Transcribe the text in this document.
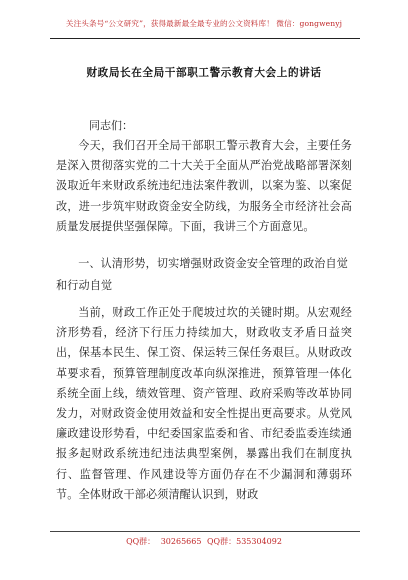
关注头条号“公文研究”，获得最新最全最专业的公文资料库！ 微信：gongwenyj
财政局长在全局干部职工警示教育大会上的讲话
同志们：

今天，我们召开全局干部职工警示教育大会，主要任务是深入贯彻落实党的二十大关于全面从严治党战略部署深刻汲取近年来财政系统违纪违法案件教训，以案为鉴、以案促改，进一步筑牢财政资金安全防线，为服务全市经济社会高质量发展提供坚强保障。下面，我讲三个方面意见。

一、认清形势，切实增强财政资金安全管理的政治自觉和行动自觉

当前，财政工作正处于爬坡过坎的关键时期。从宏观经济形势看，经济下行压力持续加大，财政收支矛盾日益突出，保基本民生、保工资、保运转三保任务艰巨。从财政改革要求看，预算管理制度改革向纵深推进，预算管理一体化系统全面上线，绩效管理、资产管理、政府采购等改革协同发力，对财政资金使用效益和安全性提出更高要求。从党风廉政建设形势看，中纪委国家监委和省、市纪委监委连续通报多起财政系统违纪违法典型案例，暴露出我们在制度执行、监督管理、作风建设等方面仍存在不少漏洞和薄弱环节。全体财政干部必须清醒认识到，财政

QQ群： 30265665 QQ群：535304092
